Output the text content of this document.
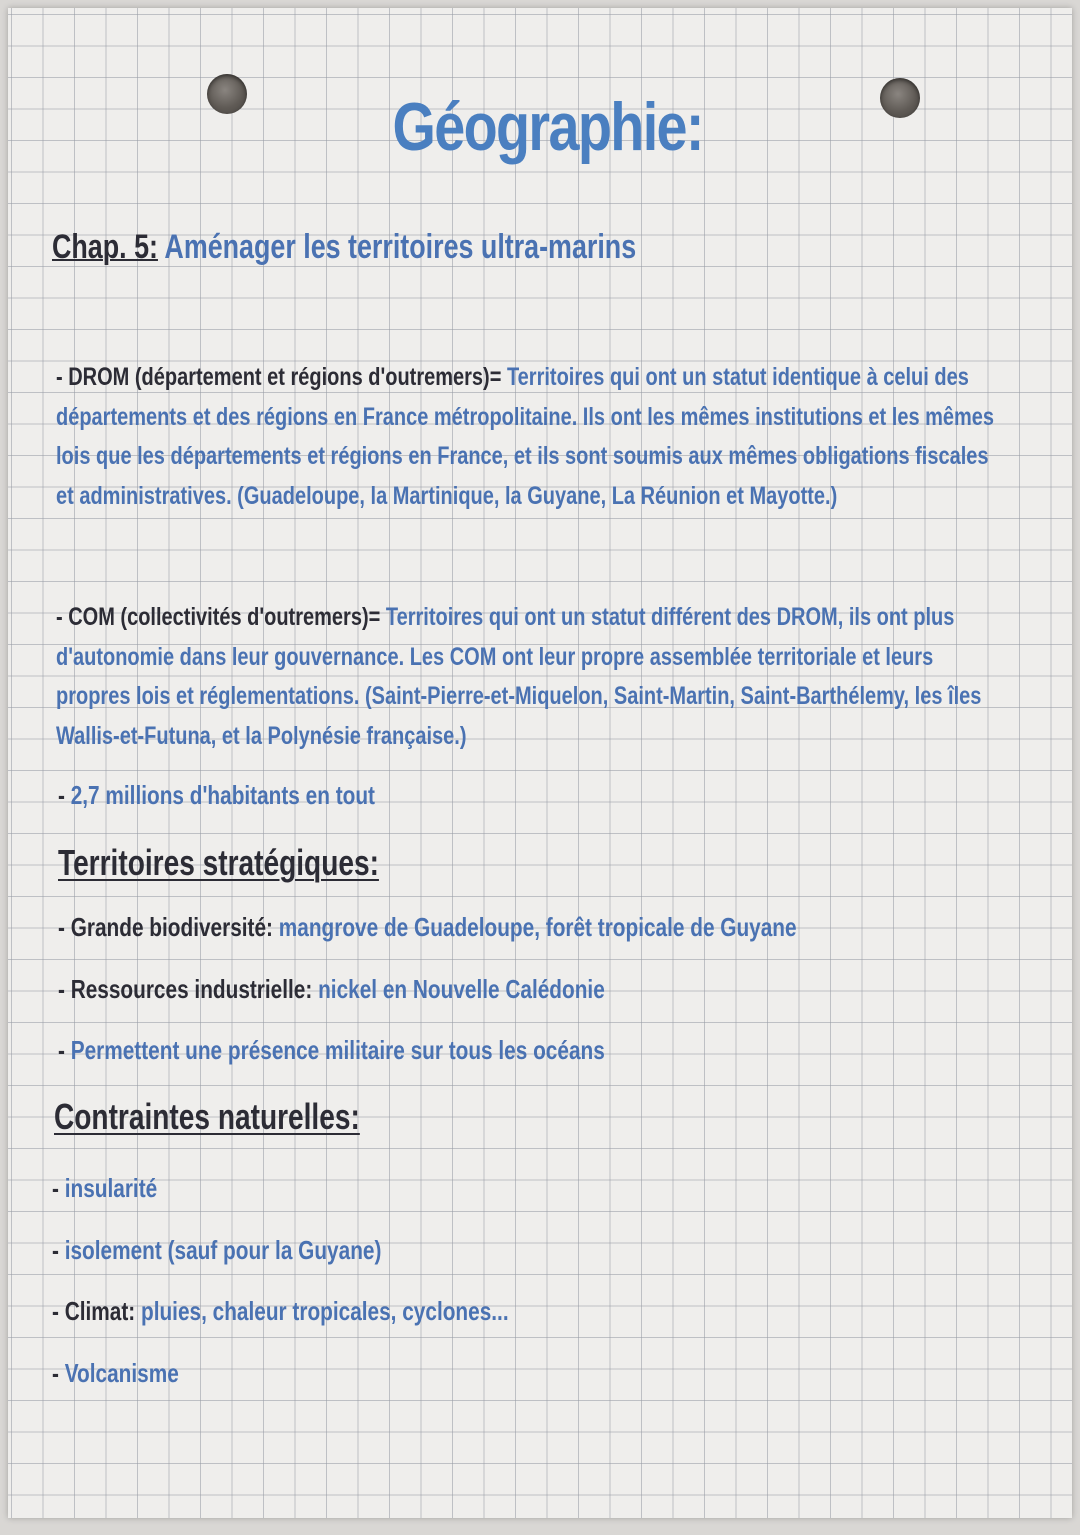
Géographie:
Chap. 5: Aménager les territoires ultra-marins

- DROM (département et régions d'outremers)= Territoires qui ont un statut identique à celui des départements et des régions en France métropolitaine. Ils ont les mêmes institutions et les mêmes lois que les départements et régions en France, et ils sont soumis aux mêmes obligations fiscales et administratives. (Guadeloupe, la Martinique, la Guyane, La Réunion et Mayotte.)

- COM (collectivités d'outremers)= Territoires qui ont un statut différent des DROM, ils ont plus d'autonomie dans leur gouvernance. Les COM ont leur propre assemblée territoriale et leurs propres lois et réglementations. (Saint-Pierre-et-Miquelon, Saint-Martin, Saint-Barthélemy, les îles Wallis-et-Futuna, et la Polynésie française.)

- 2,7 millions d'habitants en tout
Territoires stratégiques:
- Grande biodiversité: mangrove de Guadeloupe, forêt tropicale de Guyane
- Ressources industrielle: nickel en Nouvelle Calédonie
- Permettent une présence militaire sur tous les océans
Contraintes naturelles:
- insularité
- isolement (sauf pour la Guyane)
- Climat: pluies, chaleur tropicales, cyclones...
- Volcanisme
